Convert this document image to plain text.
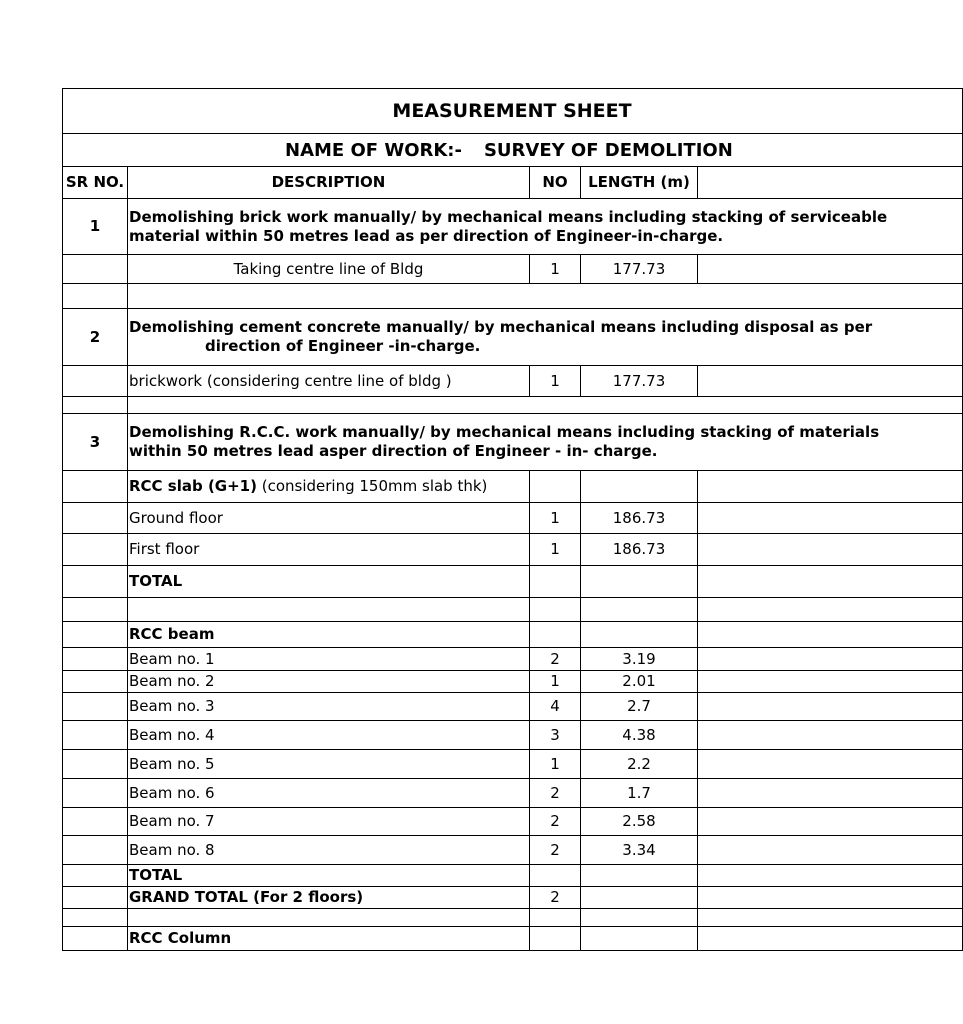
MEASUREMENT SHEET				
NAME OF WORK:- SURVEY OF DEMOLITION				
SR NO.	DESCRIPTION	NO	LENGTH (m)	
1	Demolishing brick work manually/ by mechanical means including stacking of serviceable
material within 50 metres lead as per direction of Engineer-in-charge.			

	Taking centre line of Bldg	1	177.73	

2	Demolishing cement concrete manually/ by mechanical means including disposal as per
direction of Engineer -in-charge.			

	brickwork (considering centre line of bldg )	1	177.73	

3	Demolishing R.C.C. work manually/ by mechanical means including stacking of materials
within 50 metres lead asper direction of Engineer - in- charge.			

	RCC slab (G+1) (considering 150mm slab thk)			
	Ground floor	1	186.73	
	First floor	1	186.73	
	TOTAL			

	RCC beam			
	Beam no. 1	2	3.19	
	Beam no. 2	1	2.01	
	Beam no. 3	4	2.7	
	Beam no. 4	3	4.38	
	Beam no. 5	1	2.2	
	Beam no. 6	2	1.7	
	Beam no. 7	2	2.58	
	Beam no. 8	2	3.34	
	TOTAL			
	GRAND TOTAL (For 2 floors)	2		

	RCC Column			
